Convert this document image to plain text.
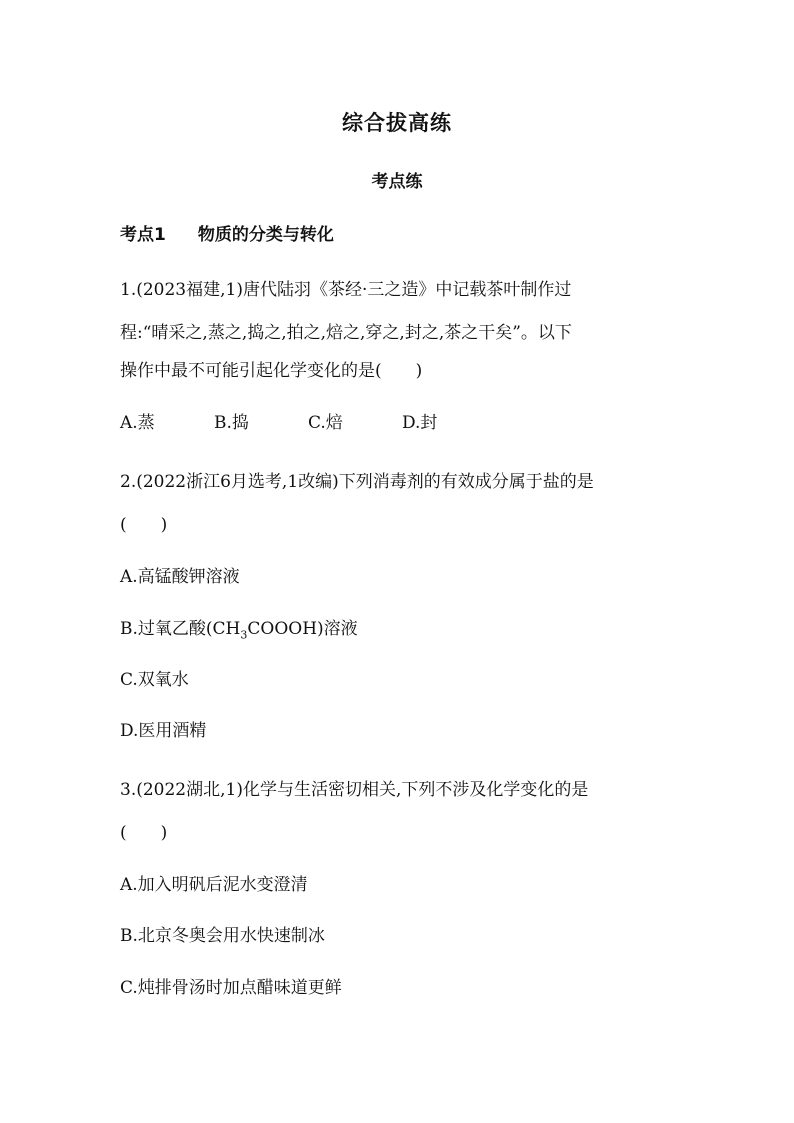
综合拔高练
考点练
考点1 物质的分类与转化
1.(2023福建,1)唐代陆羽《茶经·三之造》中记载茶叶制作过
程:“晴采之,蒸之,捣之,拍之,焙之,穿之,封之,茶之干矣”。以下
操作中最不可能引起化学变化的是(　　)
A.蒸	B.捣	C.焙	D.封
2.(2022浙江6月选考,1改编)下列消毒剂的有效成分属于盐的是
(　　)
A.高锰酸钾溶液
B.过氧乙酸$(CH_3COOOH)$溶液
C.双氧水
D.医用酒精
3.(2022湖北,1)化学与生活密切相关,下列不涉及化学变化的是
(　　)
A.加入明矾后泥水变澄清
B.北京冬奥会用水快速制冰
C.炖排骨汤时加点醋味道更鲜
